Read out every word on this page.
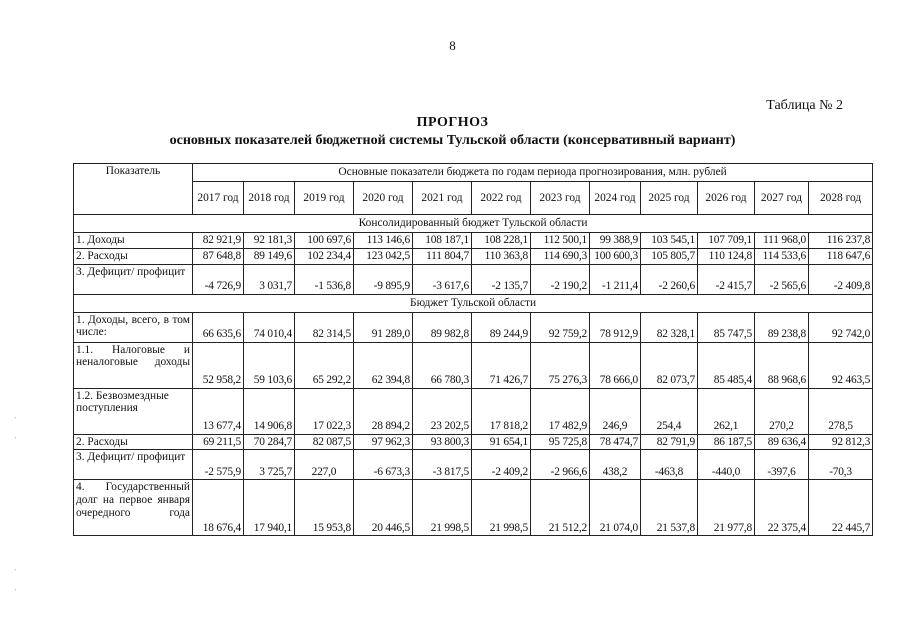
8
Таблица № 2
ПРОГНОЗ
основных показателей бюджетной системы Тульской области (консервативный вариант)
ˈ
ˈ
ˈ
ˈ
Показатель	Основные показатели бюджета по годам периода прогнозирования, млн. рублей											
	2017 год	2018 год	2019 год	2020 год	2021 год	2022 год	2023 год	2024 год	2025 год	2026 год	2027 год	2028 год
Консолидированный бюджет Тульской области												
1. Доходы	82 921,9	92 181,3	100 697,6	113 146,6	108 187,1	108 228,1	112 500,1	99 388,9	103 545,1	107 709,1	111 968,0	116 237,8
2. Расходы	87 648,8	89 149,6	102 234,4	123 042,5	111 804,7	110 363,8	114 690,3	100 600,3	105 805,7	110 124,8	114 533,6	118 647,6
3. Дефицит/ профицит	-4 726,9	3 031,7	-1 536,8	-9 895,9	-3 617,6	-2 135,7	-2 190,2	-1 211,4	-2 260,6	-2 415,7	-2 565,6	-2 409,8
Бюджет Тульской области												
1. Доходы, всего, в том числе:	66 635,6	74 010,4	82 314,5	91 289,0	89 982,8	89 244,9	92 759,2	78 912,9	82 328,1	85 747,5	89 238,8	92 742,0
1.1. Налоговые и неналоговые доходы	52 958,2	59 103,6	65 292,2	62 394,8	66 780,3	71 426,7	75 276,3	78 666,0	82 073,7	85 485,4	88 968,6	92 463,5
1.2. Безвозмездные поступления	13 677,4	14 906,8	17 022,3	28 894,2	23 202,5	17 818,2	17 482,9	246,9	254,4	262,1	270,2	278,5
2. Расходы	69 211,5	70 284,7	82 087,5	97 962,3	93 800,3	91 654,1	95 725,8	78 474,7	82 791,9	86 187,5	89 636,4	92 812,3
3. Дефицит/ профицит	-2 575,9	3 725,7	227,0	-6 673,3	-3 817,5	-2 409,2	-2 966,6	438,2	-463,8	-440,0	-397,6	-70,3
4. Государственный долг на первое января очередного года	18 676,4	17 940,1	15 953,8	20 446,5	21 998,5	21 998,5	21 512,2	21 074,0	21 537,8	21 977,8	22 375,4	22 445,7
